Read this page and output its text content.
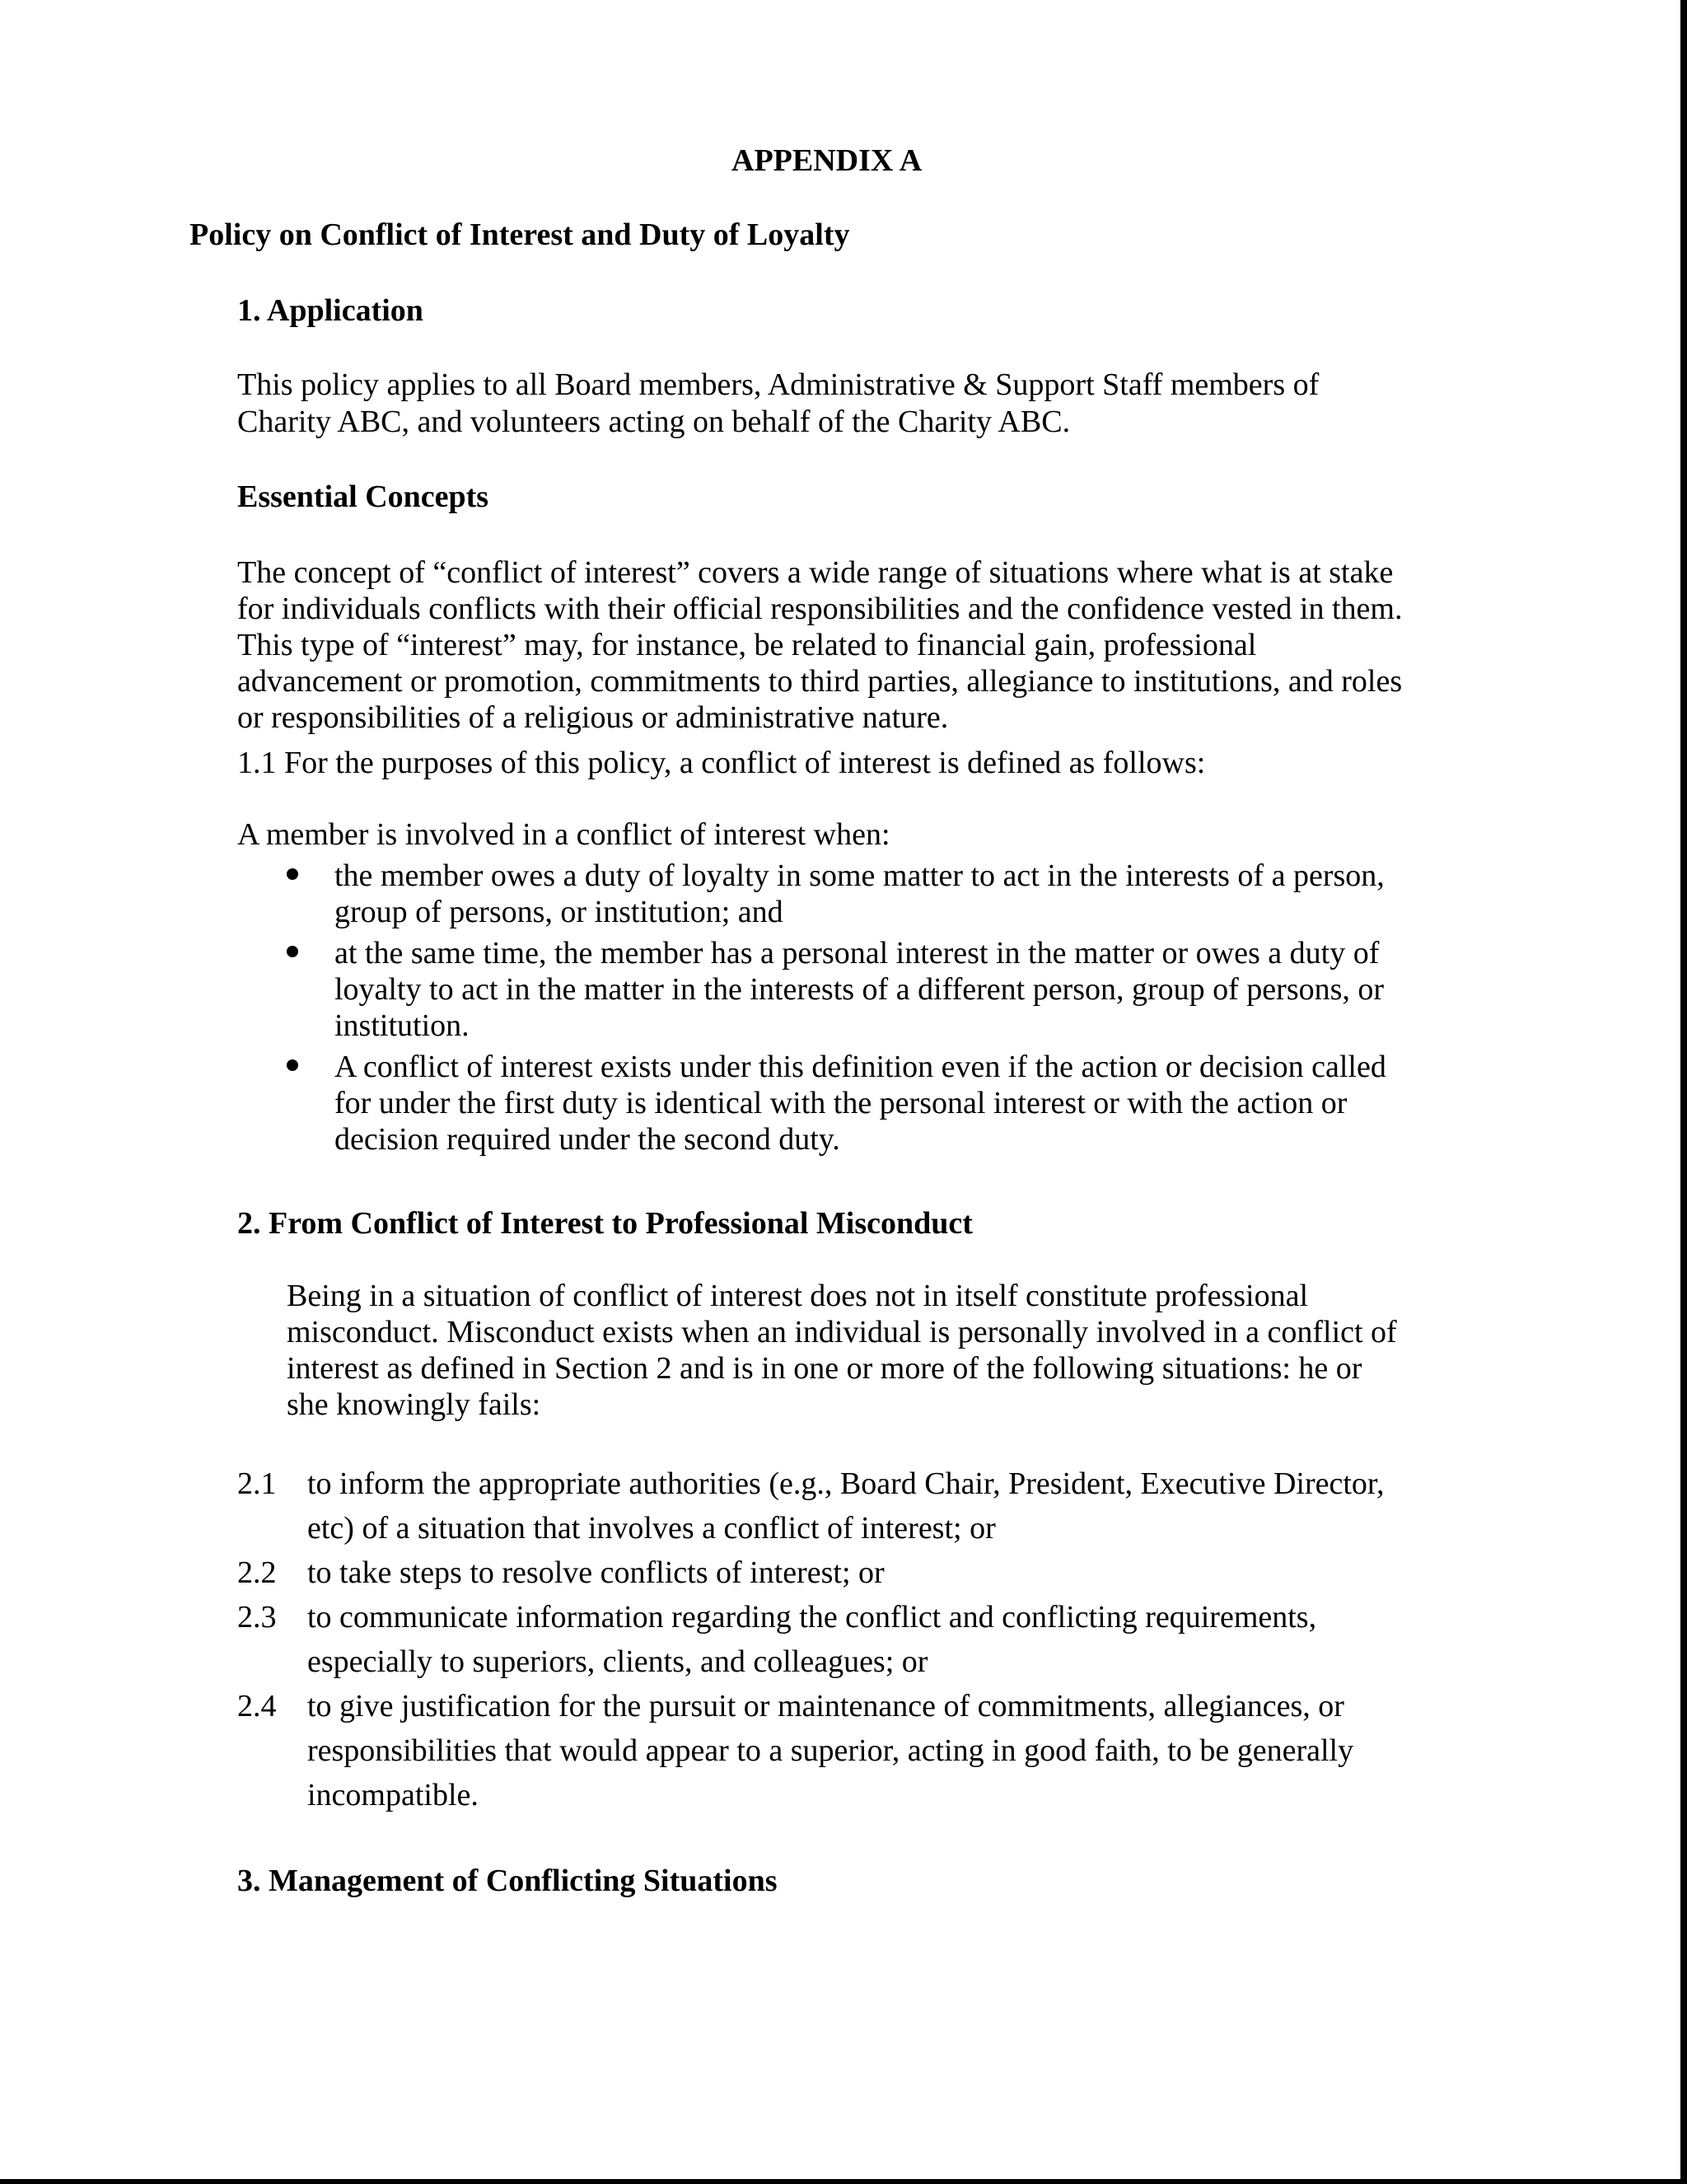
APPENDIX A
Policy on Conflict of Interest and Duty of Loyalty
1. Application
This policy applies to all Board members, Administrative & Support Staff members of
Charity ABC, and volunteers acting on behalf of the Charity ABC.
Essential Concepts
The concept of “conflict of interest” covers a wide range of situations where what is at stake
for individuals conflicts with their official responsibilities and the confidence vested in them.
This type of “interest” may, for instance, be related to financial gain, professional
advancement or promotion, commitments to third parties, allegiance to institutions, and roles
or responsibilities of a religious or administrative nature.
1.1 For the purposes of this policy, a conflict of interest is defined as follows:
A member is involved in a conflict of interest when:
the member owes a duty of loyalty in some matter to act in the interests of a person,
group of persons, or institution; and
at the same time, the member has a personal interest in the matter or owes a duty of
loyalty to act in the matter in the interests of a different person, group of persons, or
institution.
A conflict of interest exists under this definition even if the action or decision called
for under the first duty is identical with the personal interest or with the action or
decision required under the second duty.
2. From Conflict of Interest to Professional Misconduct
Being in a situation of conflict of interest does not in itself constitute professional
misconduct. Misconduct exists when an individual is personally involved in a conflict of
interest as defined in Section 2 and is in one or more of the following situations: he or
she knowingly fails:
2.1 to inform the appropriate authorities (e.g., Board Chair, President, Executive Director,
etc) of a situation that involves a conflict of interest; or
2.2 to take steps to resolve conflicts of interest; or
2.3 to communicate information regarding the conflict and conflicting requirements,
especially to superiors, clients, and colleagues; or
2.4 to give justification for the pursuit or maintenance of commitments, allegiances, or
responsibilities that would appear to a superior, acting in good faith, to be generally
incompatible.
3. Management of Conflicting Situations
